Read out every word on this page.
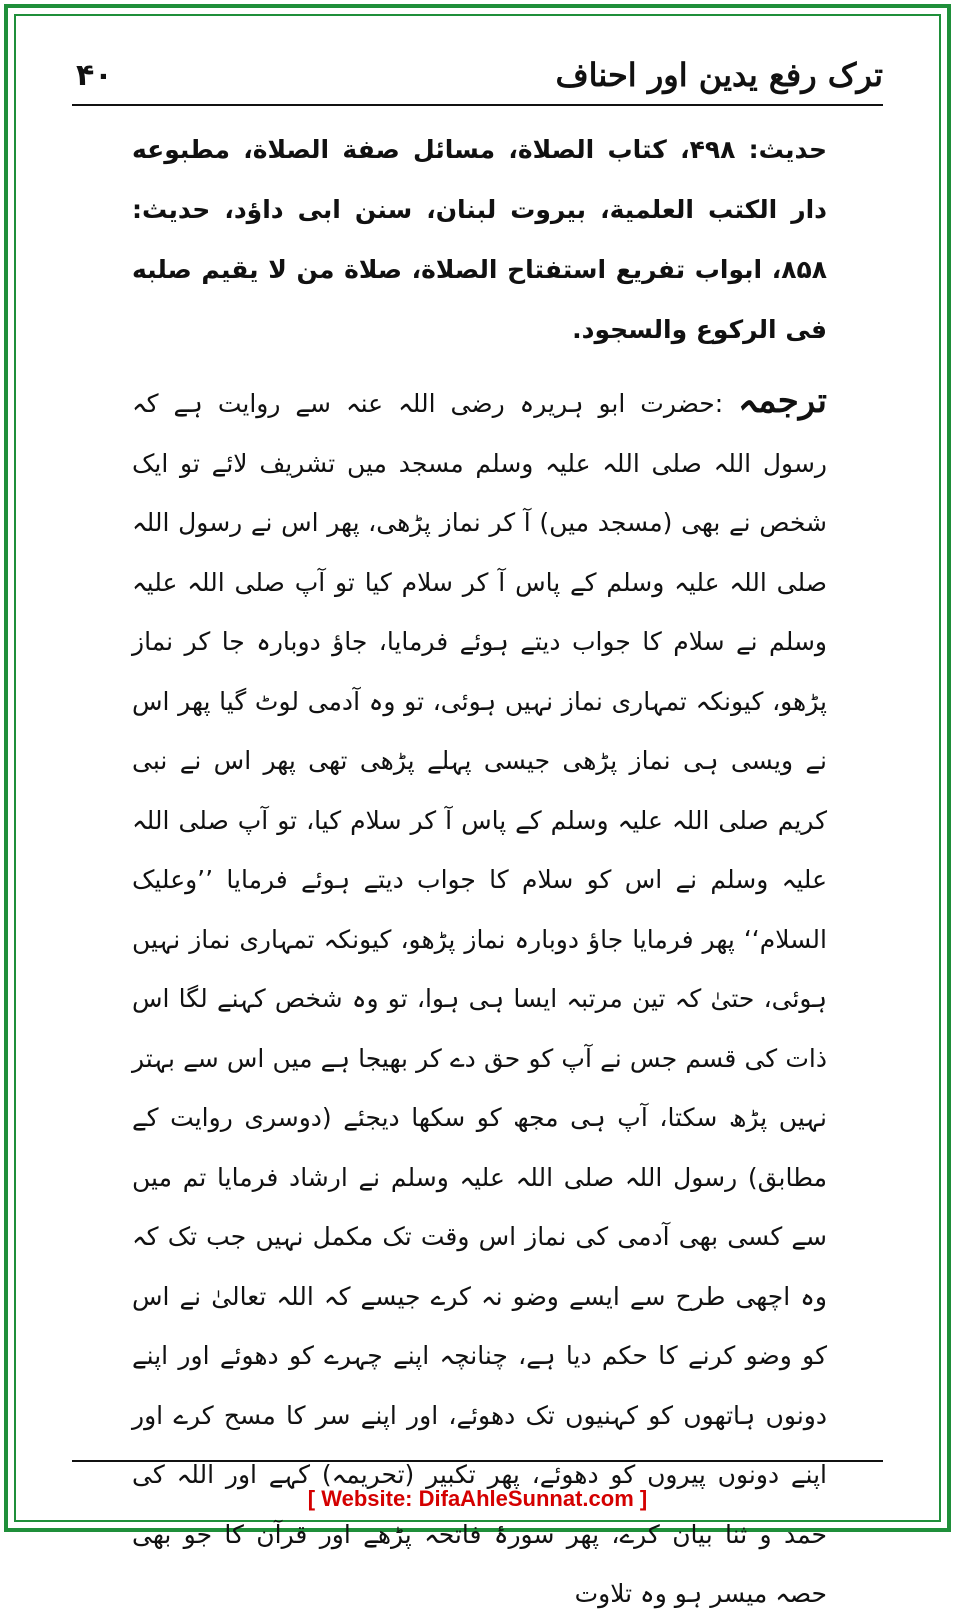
ترک رفع یدین اور احناف
۴۰
حدیث: ۴۹۸، کتاب الصلاة، مسائل صفة الصلاة، مطبوعه دار الکتب العلمیة، بیروت لبنان، سنن ابی داؤد، حدیث: ۸۵۸، ابواب تفریع استفتاح الصلاة، صلاة من لا یقیم صلبه فی الرکوع والسجود.
ترجمہ :حضرت ابو ہریرہ رضی اللہ عنہ سے روایت ہے کہ رسول اللہ صلی اللہ علیہ وسلم مسجد میں تشریف لائے تو ایک شخص نے بھی (مسجد میں) آ کر نماز پڑھی، پھر اس نے رسول اللہ صلی اللہ علیہ وسلم کے پاس آ کر سلام کیا تو آپ صلی اللہ علیہ وسلم نے سلام کا جواب دیتے ہوئے فرمایا، جاؤ دوبارہ جا کر نماز پڑھو، کیونکہ تمہاری نماز نہیں ہوئی، تو وہ آدمی لوٹ گیا پھر اس نے ویسی ہی نماز پڑھی جیسی پہلے پڑھی تھی پھر اس نے نبی کریم صلی اللہ علیہ وسلم کے پاس آ کر سلام کیا، تو آپ صلی اللہ علیہ وسلم نے اس کو سلام کا جواب دیتے ہوئے فرمایا ’’وعلیک السلام‘‘ پھر فرمایا جاؤ دوبارہ نماز پڑھو، کیونکہ تمہاری نماز نہیں ہوئی، حتیٰ کہ تین مرتبہ ایسا ہی ہوا، تو وہ شخص کہنے لگا اس ذات کی قسم جس نے آپ کو حق دے کر بھیجا ہے میں اس سے بہتر نہیں پڑھ سکتا، آپ ہی مجھ کو سکھا دیجئے (دوسری روایت کے مطابق) رسول اللہ صلی اللہ علیہ وسلم نے ارشاد فرمایا تم میں سے کسی بھی آدمی کی نماز اس وقت تک مکمل نہیں جب تک کہ وہ اچھی طرح سے ایسے وضو نہ کرے جیسے کہ اللہ تعالیٰ نے اس کو وضو کرنے کا حکم دیا ہے، چنانچہ اپنے چہرے کو دھوئے اور اپنے دونوں ہاتھوں کو کہنیوں تک دھوئے، اور اپنے سر کا مسح کرے اور اپنے دونوں پیروں کو دھوئے، پھر تکبیر (تحریمہ) کہے اور اللہ کی حمد و ثنا بیان کرے، پھر سورۂ فاتحہ پڑھے اور قرآن کا جو بھی حصہ میسر ہو وہ تلاوت
[ Website: DifaAhleSunnat.com ]
